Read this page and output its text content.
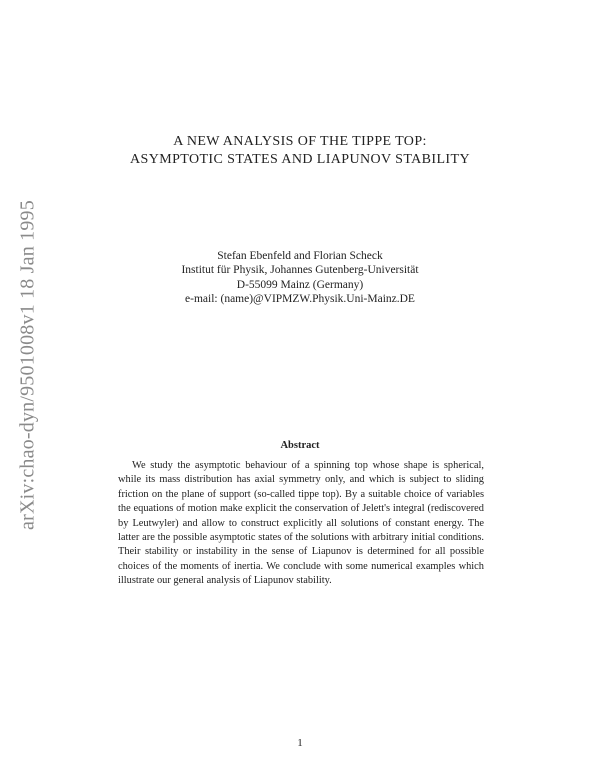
arXiv:chao-dyn/9501008v1 18 Jan 1995
A NEW ANALYSIS OF THE TIPPE TOP:
ASYMPTOTIC STATES AND LIAPUNOV STABILITY
Stefan Ebenfeld and Florian Scheck
Institut für Physik, Johannes Gutenberg-Universität
D-55099 Mainz (Germany)
e-mail: (name)@VIPMZW.Physik.Uni-Mainz.DE
Abstract
We study the asymptotic behaviour of a spinning top whose shape is spherical, while its mass distribution has axial symmetry only, and which is subject to sliding friction on the plane of support (so-called tippe top). By a suitable choice of variables the equations of motion make explicit the conservation of Jelett's integral (rediscovered by Leutwyler) and allow to construct explicitly all solutions of constant energy. The latter are the possible asymptotic states of the solutions with arbitrary initial conditions. Their stability or instability in the sense of Liapunov is determined for all possible choices of the moments of inertia. We conclude with some numerical examples which illustrate our general analysis of Liapunov stability.
1
